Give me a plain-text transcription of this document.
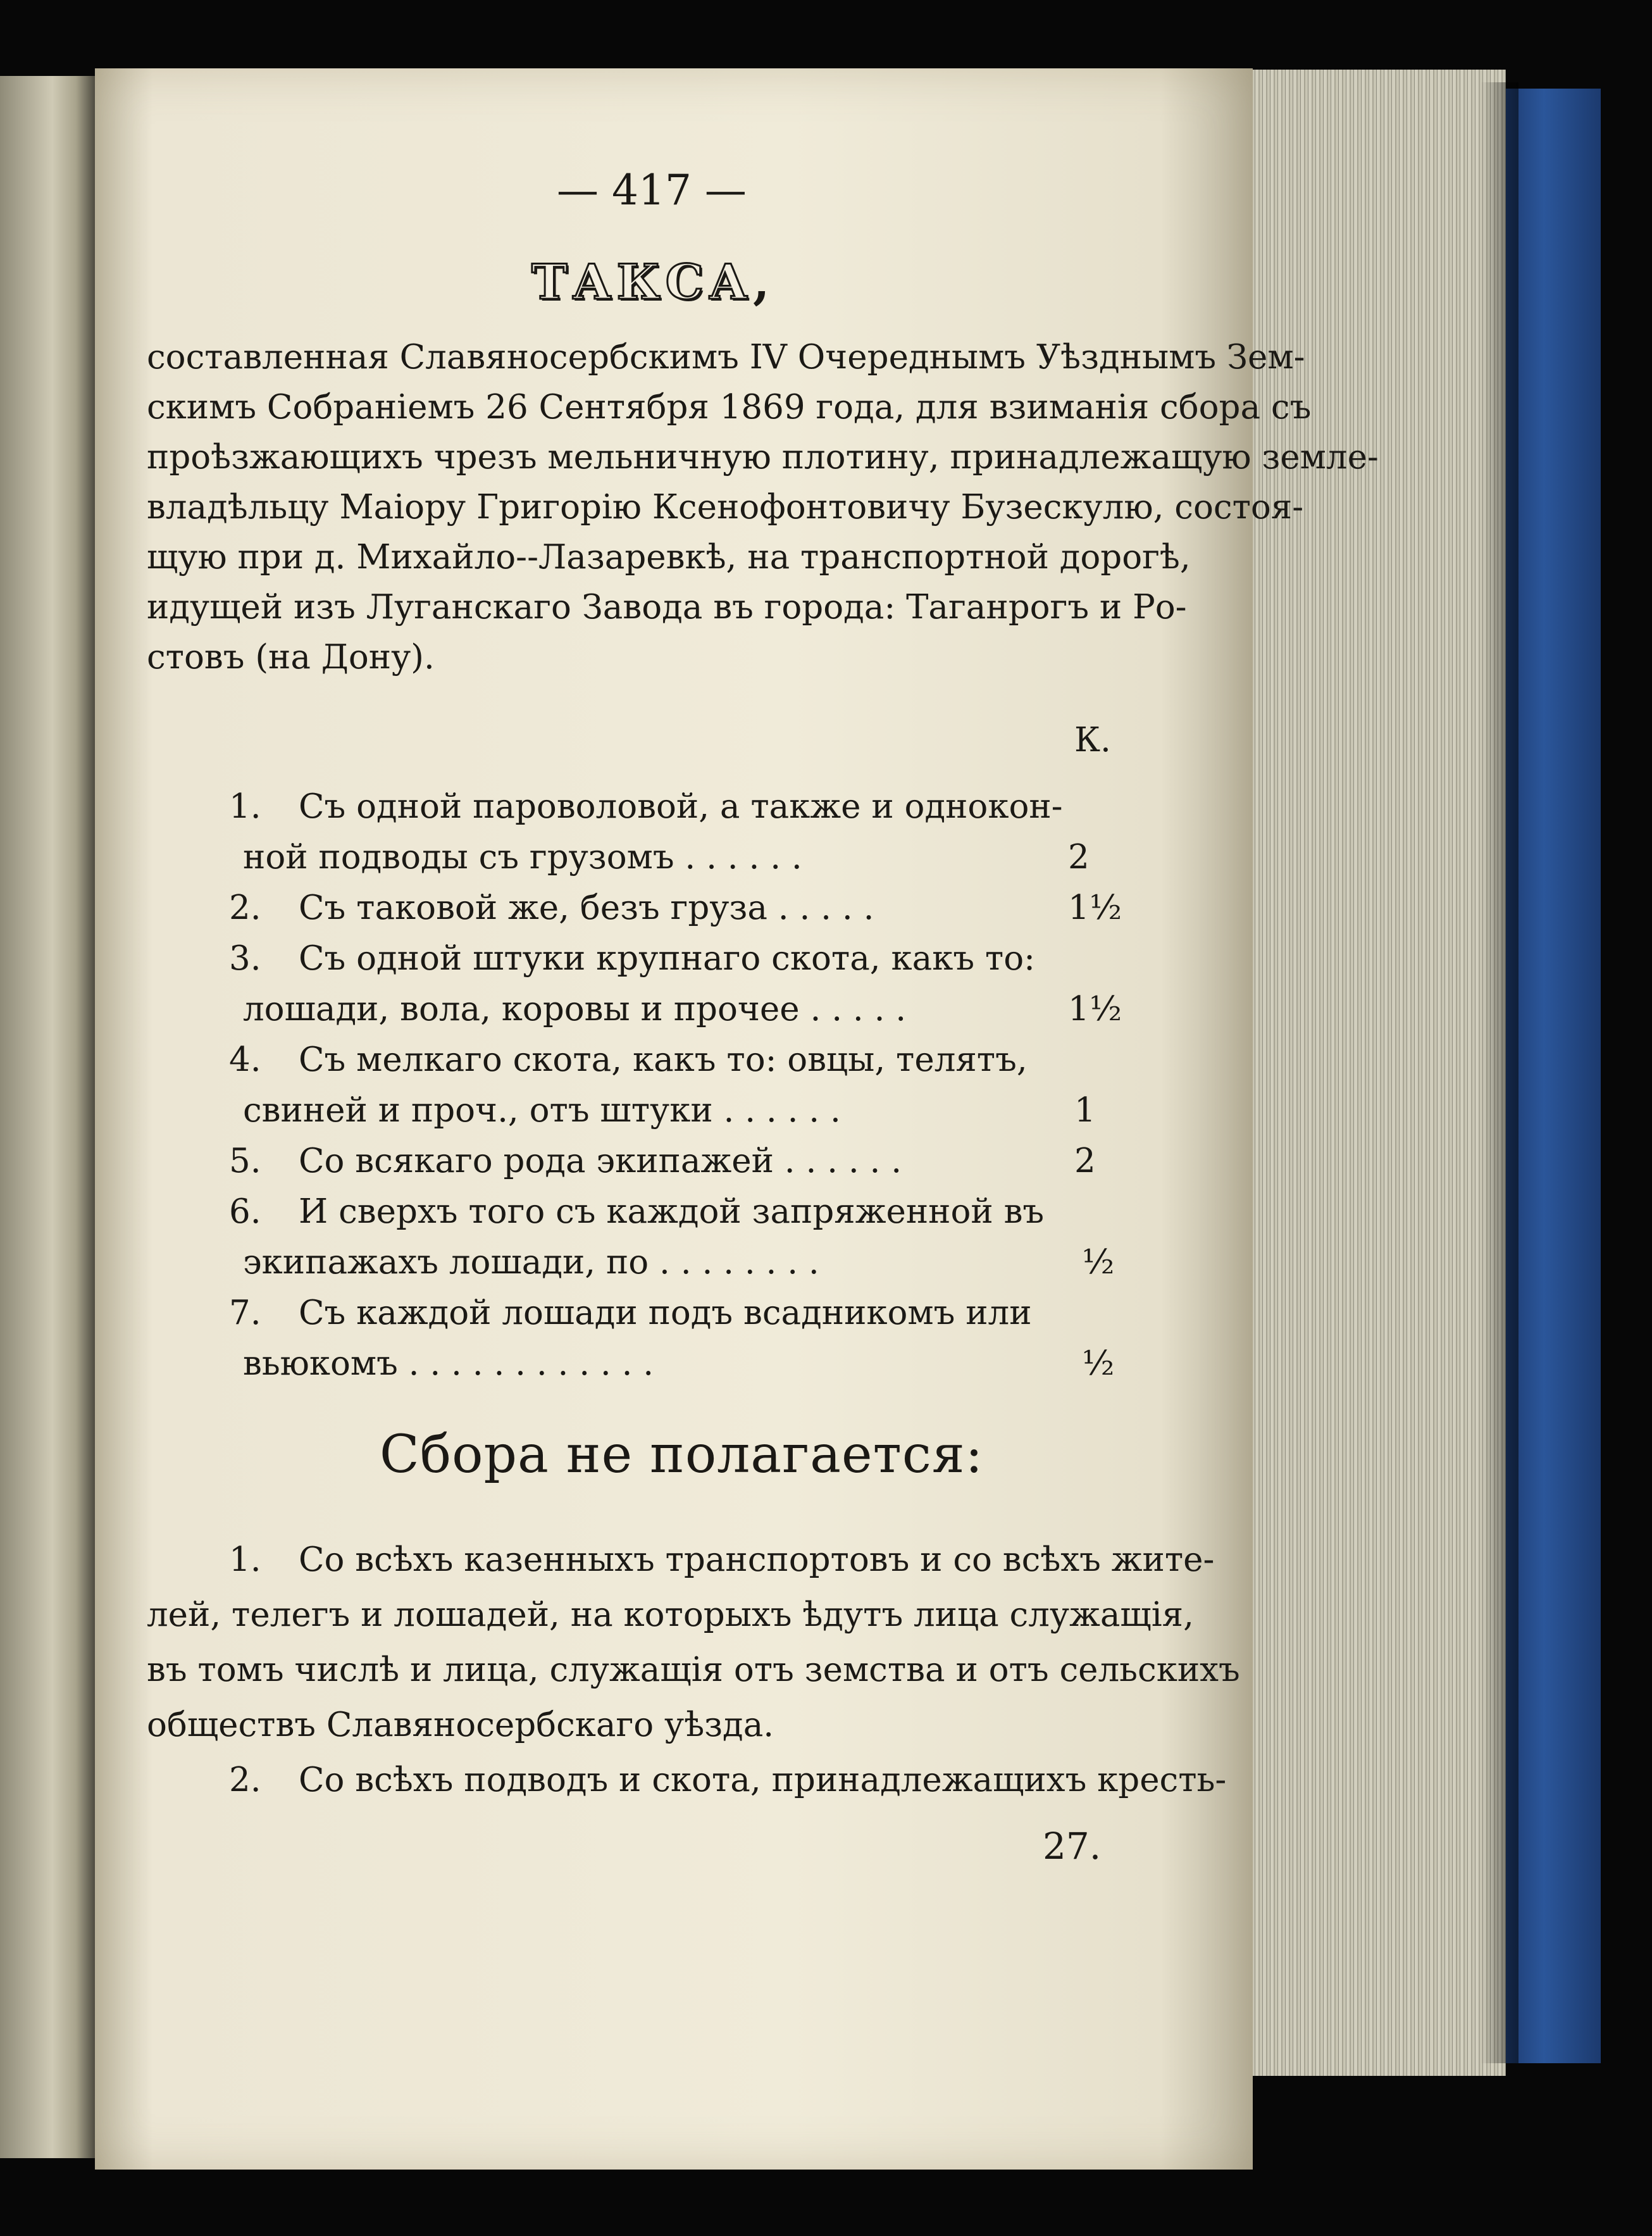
— 417 —
ТАКСА,
составленная Славяносербскимъ IV Очереднымъ Уѣзднымъ Зем-
скимъ Собраніемъ 26 Сентября 1869 года, для взиманія сбора съ
проѣзжающихъ чрезъ мельничную плотину, принадлежащую земле-
владѣльцу Маіору Григорію Ксенофонтовичу Бузескулю, состоя-
щую при д. Михайло--Лазаревкѣ, на транспортной дорогѣ,
идущей изъ Луганскаго Завода въ города: Таганрогъ и Ро-
стовъ (на Дону).
К.
1. Съ одной пароволовой, а также и однокон-
ной подводы съ грузомъ . . . . . .	2
2. Съ таковой же, безъ груза . . . . .	1½
3. Съ одной штуки крупнаго скота, какъ то:
лошади, вола, коровы и прочее . . . . .	1½
4. Съ мелкаго скота, какъ то: овцы, телятъ,
свиней и проч., отъ штуки . . . . . .	1
5. Со всякаго рода экипажей . . . . . .	2
6. И сверхъ того съ каждой запряженной въ
экипажахъ лошади, по . . . . . . . .	½
7. Съ каждой лошади подъ всадникомъ или
вьюкомъ . . . . . . . . . . . .	½
Сбора не полагается:
1. Со всѣхъ казенныхъ транспортовъ и со всѣхъ жите-
лей, телегъ и лошадей, на которыхъ ѣдутъ лица служащія,
въ томъ числѣ и лица, служащія отъ земства и отъ сельскихъ
обществъ Славяносербскаго уѣзда.
2. Со всѣхъ подводъ и скота, принадлежащихъ кресть-
27.
